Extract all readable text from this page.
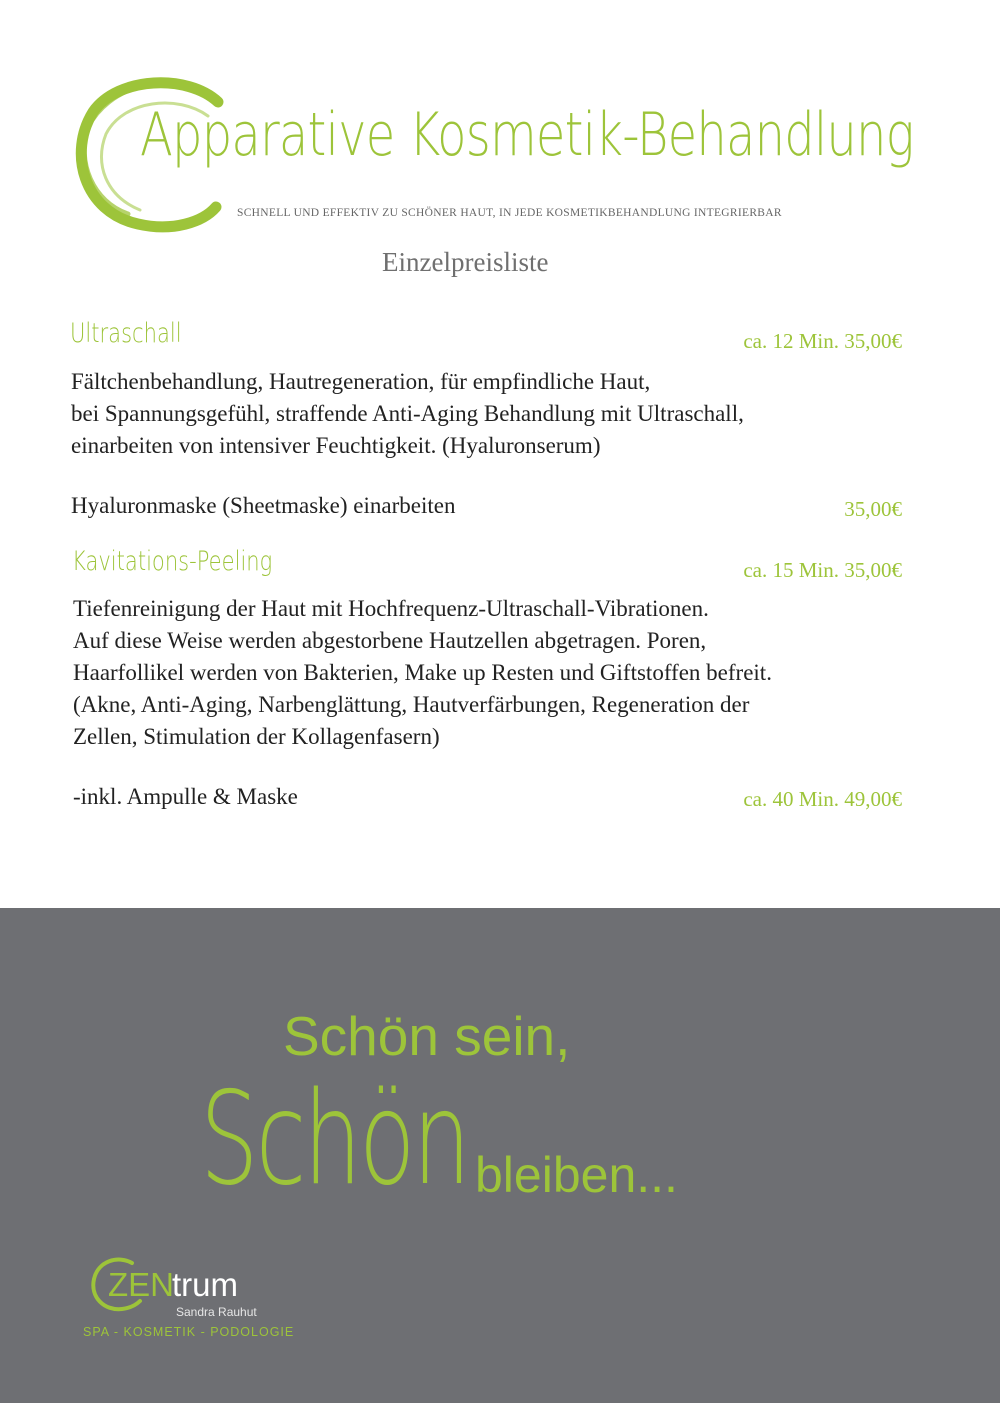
Apparative Kosmetik-Behandlung
SCHNELL UND EFFEKTIV ZU SCHÖNER HAUT, IN JEDE KOSMETIKBEHANDLUNG INTEGRIERBAR
Einzelpreisliste
Ultraschall	ca. 12 Min. 35,00€
Fältchenbehandlung, Hautregeneration, für empfindliche Haut,
bei Spannungsgefühl, straffende Anti-Aging Behandlung mit Ultraschall,
einarbeiten von intensiver Feuchtigkeit. (Hyaluronserum)
Hyaluronmaske (Sheetmaske) einarbeiten	35,00€
Kavitations-Peeling	ca. 15 Min. 35,00€
Tiefenreinigung der Haut mit Hochfrequenz-Ultraschall-Vibrationen.
Auf diese Weise werden abgestorbene Hautzellen abgetragen. Poren,
Haarfollikel werden von Bakterien, Make up Resten und Giftstoffen befreit.
(Akne, Anti-Aging, Narbenglättung, Hautverfärbungen, Regeneration der
Zellen, Stimulation der Kollagenfasern)
-inkl. Ampulle & Maske	ca. 40 Min. 49,00€
Schön sein,
Schön bleiben...
ZEN
trum
Sandra Rauhut
SPA - KOSMETIK - PODOLOGIE
